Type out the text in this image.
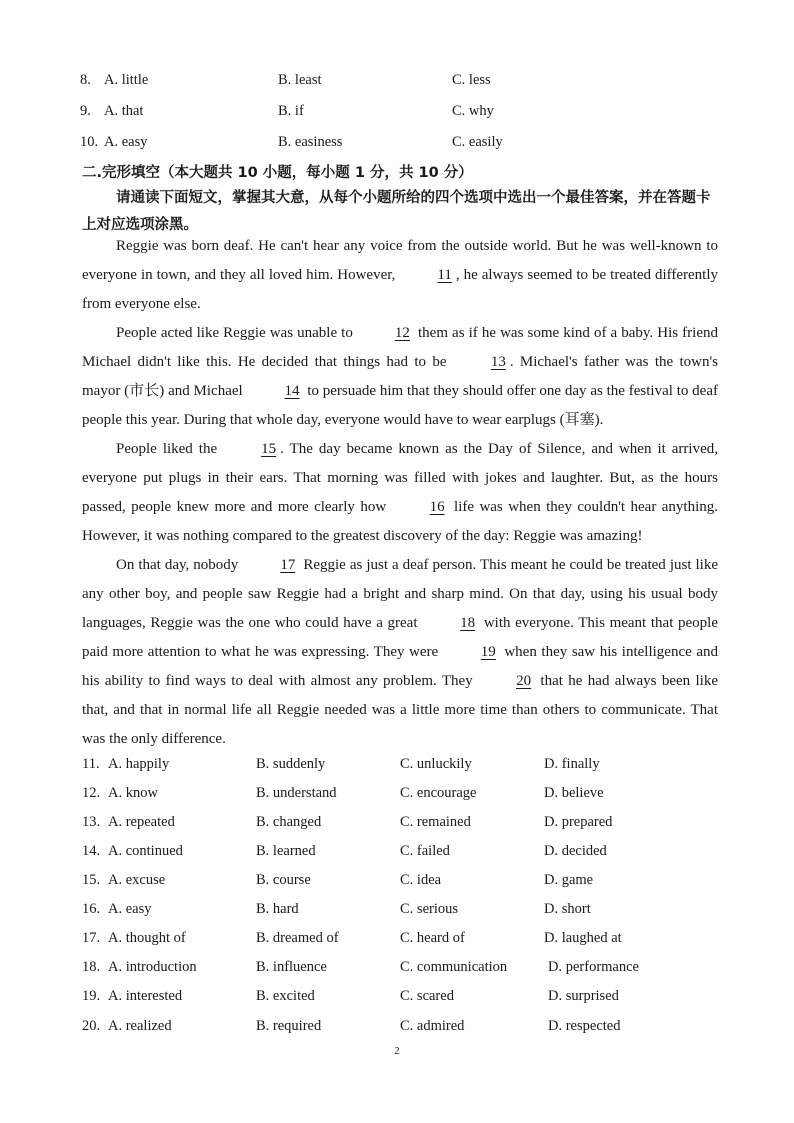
8. A. little	B. least	C. less
9. A. that	B. if	C. why
10. A. easy	B. easiness	C. easily
二.完形填空（本大题共 10 小题，每小题 1 分，共 10 分）
请通读下面短文，掌握其大意，从每个小题所给的四个选项中选出一个最佳答案，并在答题卡上对应选项涂黑。

Reggie was born deaf. He can't hear any voice from the outside world. But he was well-known to everyone in town, and they all loved him. However,	11 , he always seemed to be treated differently from everyone else.

People acted like Reggie was unable to	12 them as if he was some kind of a baby. His friend Michael didn't like this. He decided that things had to be	13 . Michael's father was the town's mayor (市长) and Michael	14 to persuade him that they should offer one day as the festival to deaf people this year. During that whole day, everyone would have to wear earplugs (耳塞).

People liked the	15 . The day became known as the Day of Silence, and when it arrived, everyone put plugs in their ears. That morning was filled with jokes and laughter. But, as the hours passed, people knew more and more clearly how	16 life was when they couldn't hear anything. However, it was nothing compared to the greatest discovery of the day: Reggie was amazing!

On that day, nobody	17 Reggie as just a deaf person. This meant he could be treated just like any other boy, and people saw Reggie had a bright and sharp mind. On that day, using his usual body languages, Reggie was the one who could have a great	18 with everyone. This meant that people paid more attention to what he was expressing. They were	19 when they saw his intelligence and his ability to find ways to deal with almost any problem. They	20 that he had always been like that, and that in normal life all Reggie needed was a little more time than others to communicate. That was the only difference.

11. A. happily	B. suddenly	C. unluckily	D. finally
12. A. know	B. understand	C. encourage	D. believe
13. A. repeated	B. changed	C. remained	D. prepared
14. A. continued	B. learned	C. failed	D. decided
15. A. excuse	B. course	C. idea	D. game
16. A. easy	B. hard	C. serious	D. short
17. A. thought of	B. dreamed of	C. heard of	D. laughed at
18. A. introduction	B. influence	C. communication	D. performance
19. A. interested	B. excited	C. scared	D. surprised
20. A. realized	B. required	C. admired	D. respected
2
